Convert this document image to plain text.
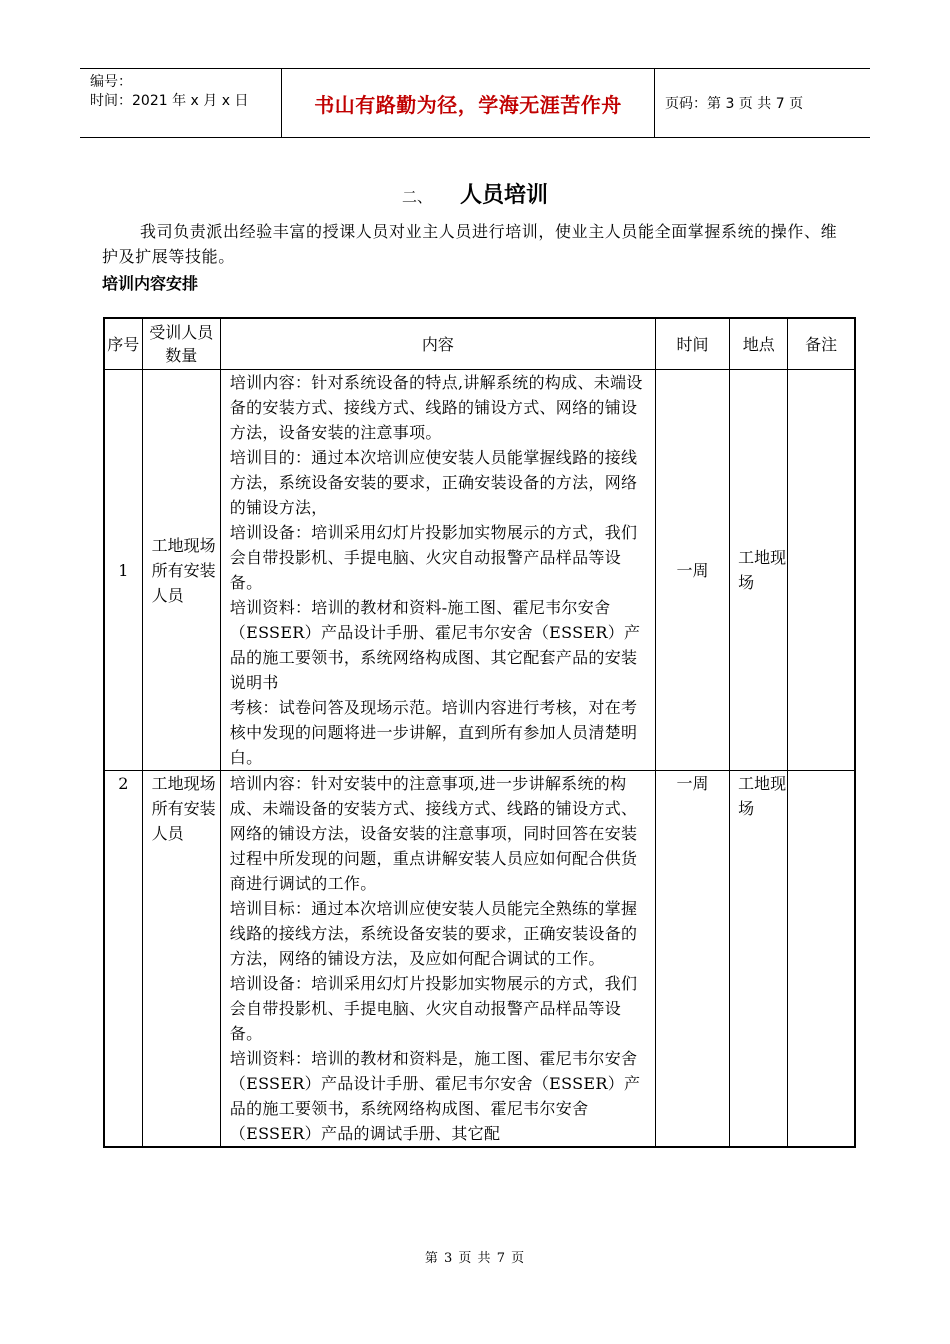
编号：
时间：2021 年 x 月 x 日	书山有路勤为径，学海无涯苦作舟	页码：第 3 页 共 7 页
二、 人员培训
我司负责派出经验丰富的授课人员对业主人员进行培训，使业主人员能全面掌握系统的操作、维护及扩展等技能。
培训内容安排
序号	受训人员数量	内容	时间	地点	备注
1	工地现场所有安装人员	培训内容：针对系统设备的特点,讲解系统的构成、未端设备的安装方式、接线方式、线路的铺设方式、网络的铺设方法，设备安装的注意事项。
培训目的：通过本次培训应使安装人员能掌握线路的接线方法，系统设备安装的要求，正确安装设备的方法，网络的铺设方法，
培训设备：培训采用幻灯片投影加实物展示的方式，我们会自带投影机、手提电脑、火灾自动报警产品样品等设备。
培训资料：培训的教材和资料-施工图、霍尼韦尔安舍（ESSER）产品设计手册、霍尼韦尔安舍（ESSER）产品的施工要领书，系统网络构成图、其它配套产品的安装说明书
考核：试卷问答及现场示范。培训内容进行考核，对在考核中发现的问题将进一步讲解，直到所有参加人员清楚明白。	一周	工地现场	
2	工地现场所有安装人员	培训内容：针对安装中的注意事项,进一步讲解系统的构成、未端设备的安装方式、接线方式、线路的铺设方式、网络的铺设方法，设备安装的注意事项，同时回答在安装过程中所发现的问题，重点讲解安装人员应如何配合供货商进行调试的工作。
培训目标：通过本次培训应使安装人员能完全熟练的掌握线路的接线方法，系统设备安装的要求，正确安装设备的方法，网络的铺设方法，及应如何配合调试的工作。
培训设备：培训采用幻灯片投影加实物展示的方式，我们会自带投影机、手提电脑、火灾自动报警产品样品等设备。
培训资料：培训的教材和资料是，施工图、霍尼韦尔安舍（ESSER）产品设计手册、霍尼韦尔安舍（ESSER）产品的施工要领书，系统网络构成图、霍尼韦尔安舍（ESSER）产品的调试手册、其它配	一周	工地现场	
第 3 页 共 7 页
